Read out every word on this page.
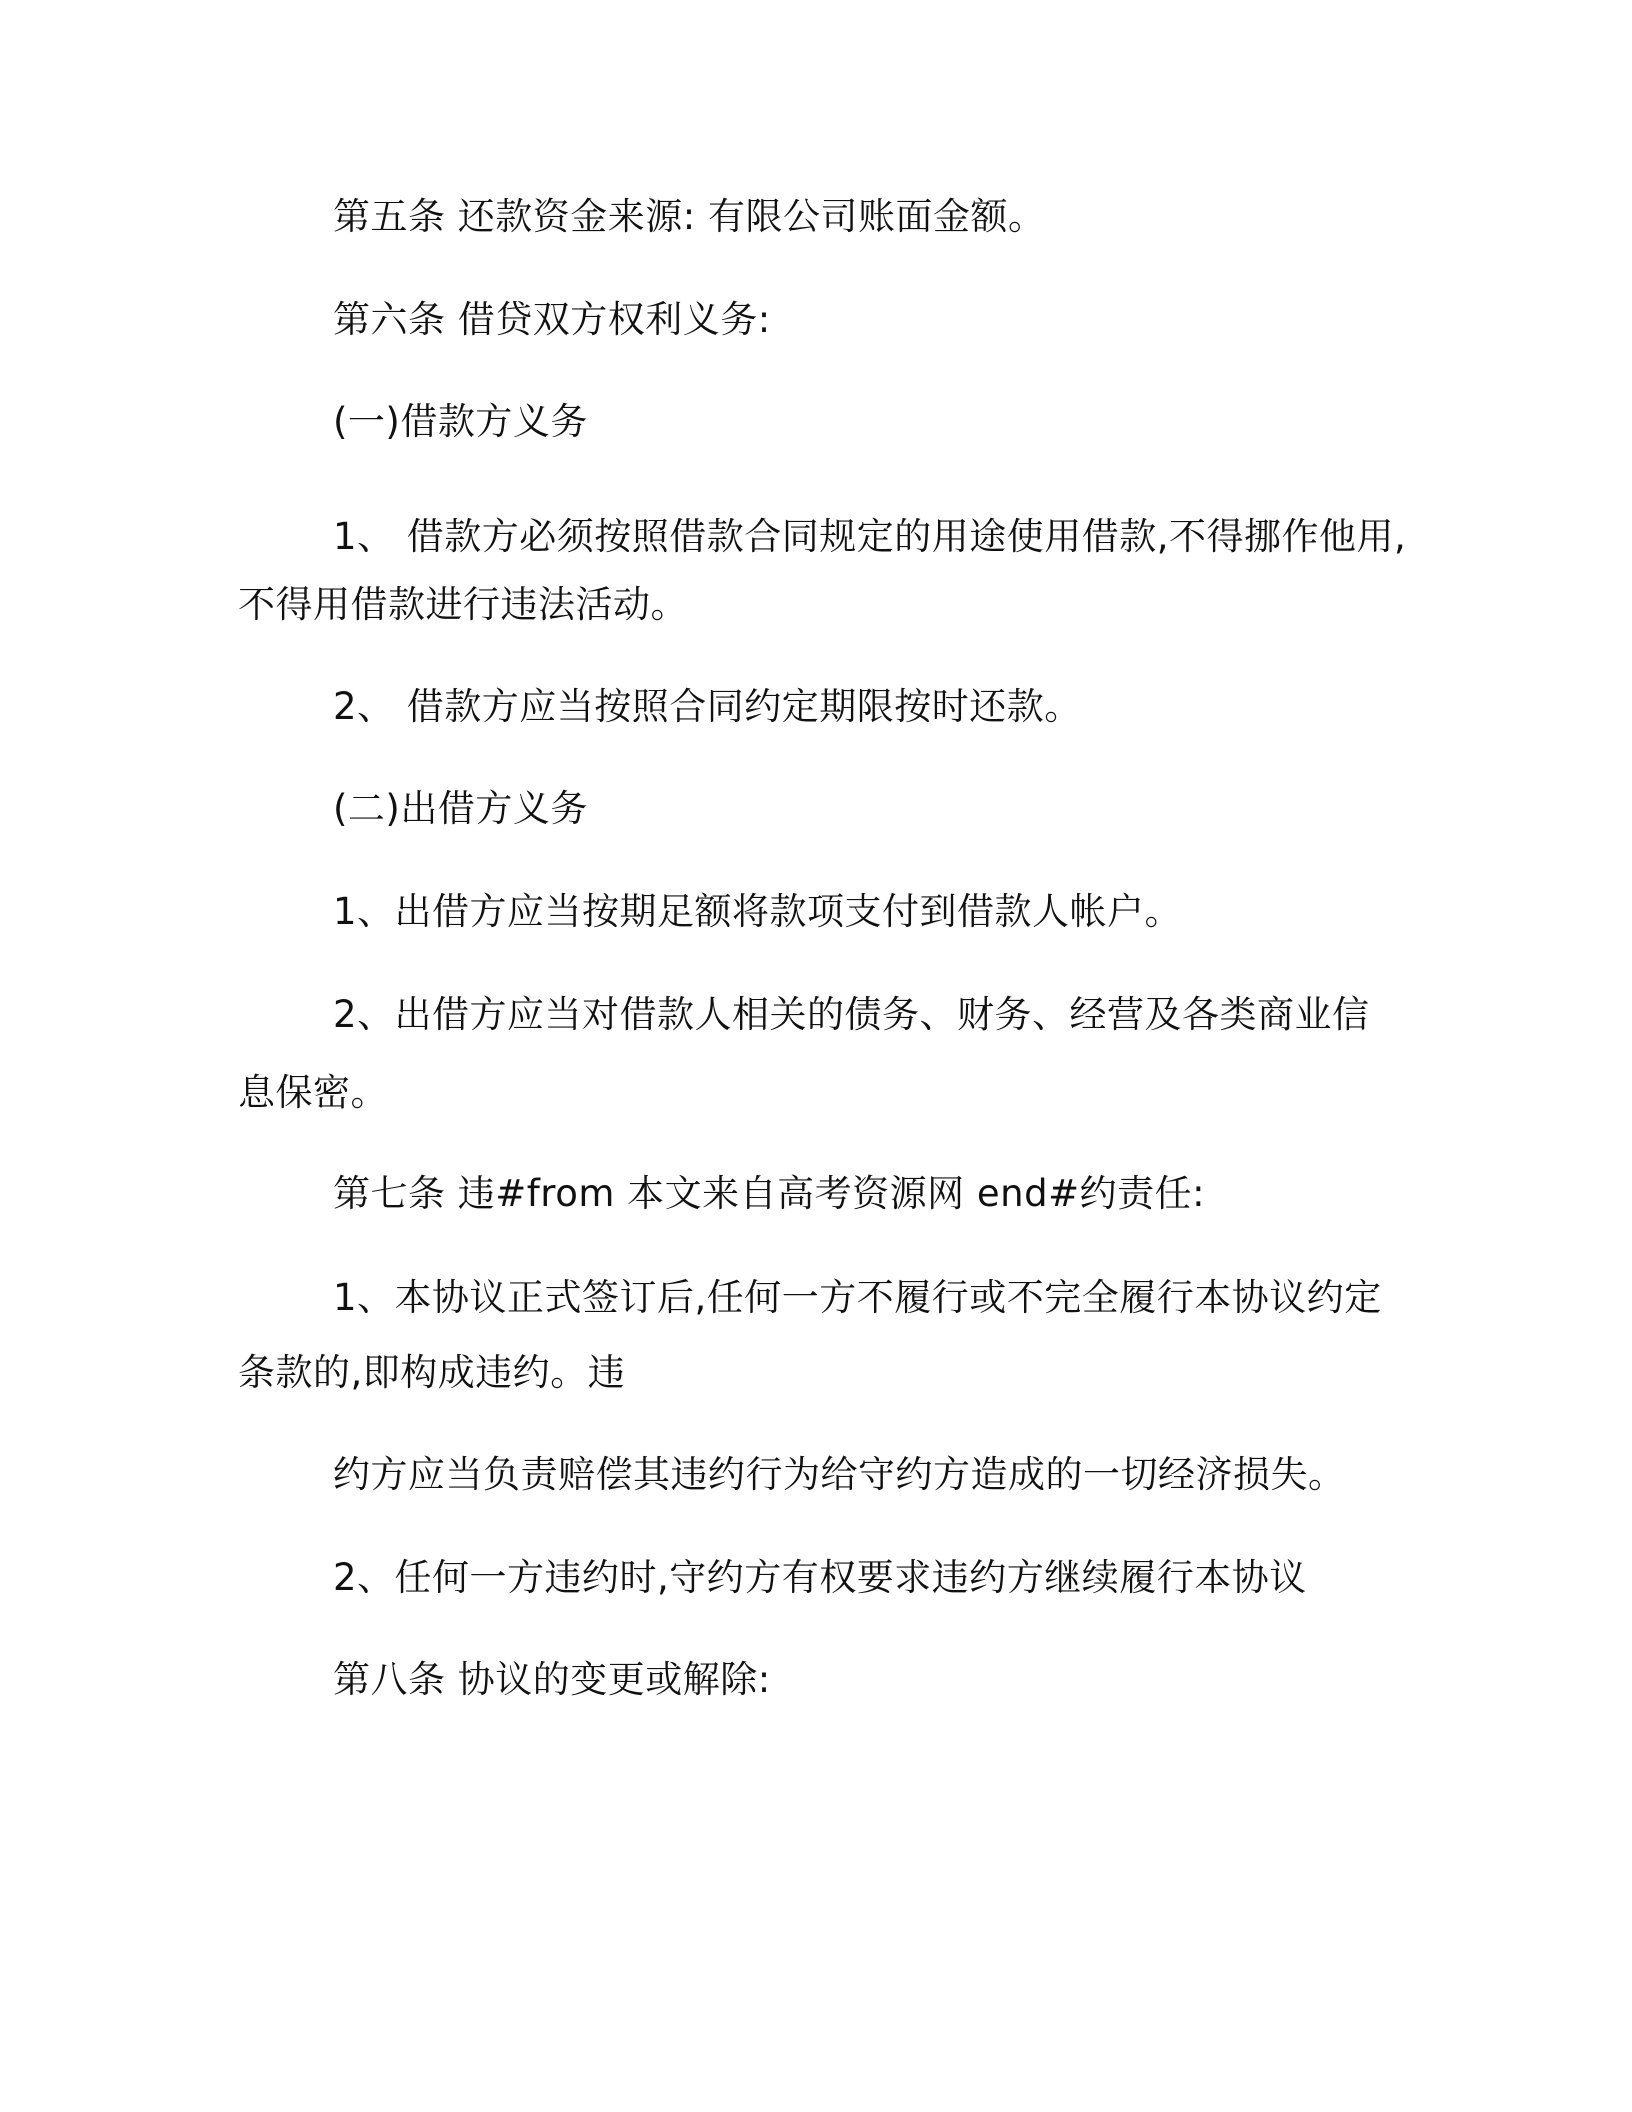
第五条 还款资金来源: 有限公司账面金额。
第六条 借贷双方权利义务:
(一)借款方义务
1、 借款方必须按照借款合同规定的用途使用借款,不得挪作他用,
不得用借款进行违法活动。
2、 借款方应当按照合同约定期限按时还款。
(二)出借方义务
1、出借方应当按期足额将款项支付到借款人帐户。
2、出借方应当对借款人相关的债务、财务、经营及各类商业信
息保密。
第七条 违#from 本文来自高考资源网 end#约责任:
1、本协议正式签订后,任何一方不履行或不完全履行本协议约定
条款的,即构成违约。违
约方应当负责赔偿其违约行为给守约方造成的一切经济损失。
2、任何一方违约时,守约方有权要求违约方继续履行本协议
第八条 协议的变更或解除:
